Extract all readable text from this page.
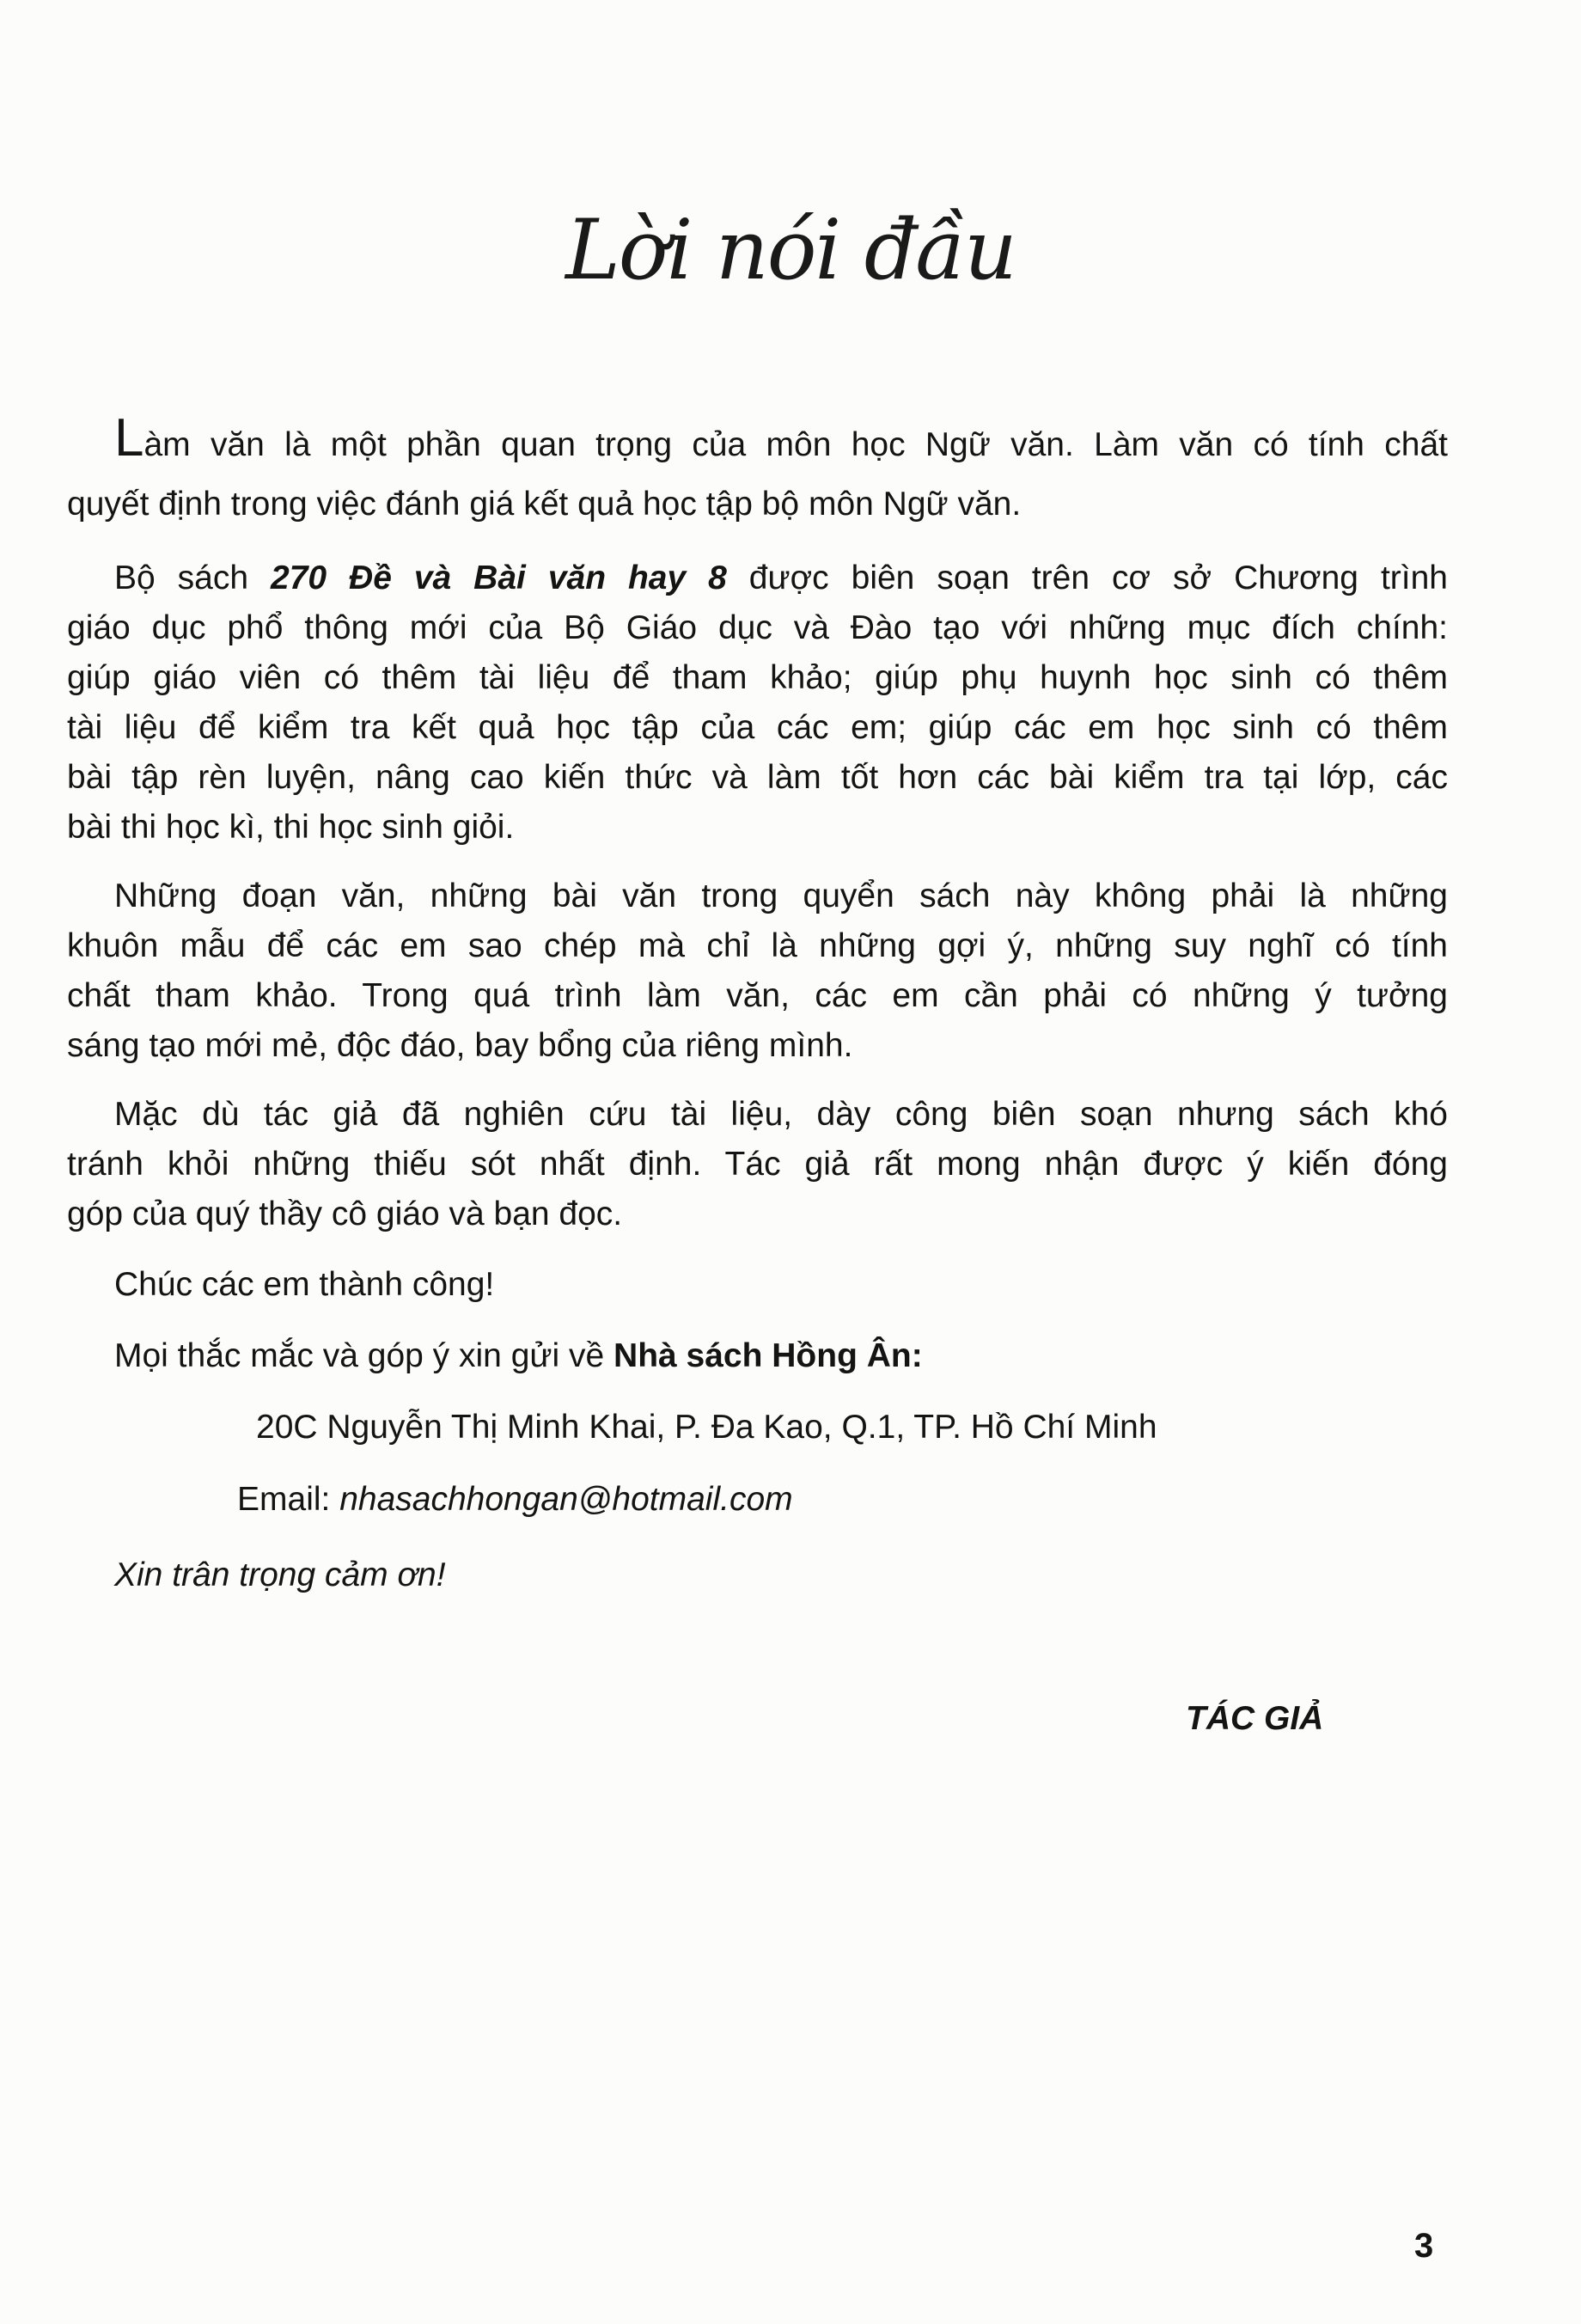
Lời nói đầu
Làm văn là một phần quan trọng của môn học Ngữ văn. Làm văn có tính chất
quyết định trong việc đánh giá kết quả học tập bộ môn Ngữ văn.
Bộ sách 270 Đề và Bài văn hay 8 được biên soạn trên cơ sở Chương trình
giáo dục phổ thông mới của Bộ Giáo dục và Đào tạo với những mục đích chính:
giúp giáo viên có thêm tài liệu để tham khảo; giúp phụ huynh học sinh có thêm
tài liệu để kiểm tra kết quả học tập của các em; giúp các em học sinh có thêm
bài tập rèn luyện, nâng cao kiến thức và làm tốt hơn các bài kiểm tra tại lớp, các
bài thi học kì, thi học sinh giỏi.
Những đoạn văn, những bài văn trong quyển sách này không phải là những
khuôn mẫu để các em sao chép mà chỉ là những gợi ý, những suy nghĩ có tính
chất tham khảo. Trong quá trình làm văn, các em cần phải có những ý tưởng
sáng tạo mới mẻ, độc đáo, bay bổng của riêng mình.
Mặc dù tác giả đã nghiên cứu tài liệu, dày công biên soạn nhưng sách khó
tránh khỏi những thiếu sót nhất định. Tác giả rất mong nhận được ý kiến đóng
góp của quý thầy cô giáo và bạn đọc.
Chúc các em thành công!
Mọi thắc mắc và góp ý xin gửi về Nhà sách Hồng Ân:
20C Nguyễn Thị Minh Khai, P. Đa Kao, Q.1, TP. Hồ Chí Minh
Email: nhasachhongan@hotmail.com
Xin trân trọng cảm ơn!
TÁC GIẢ
3
